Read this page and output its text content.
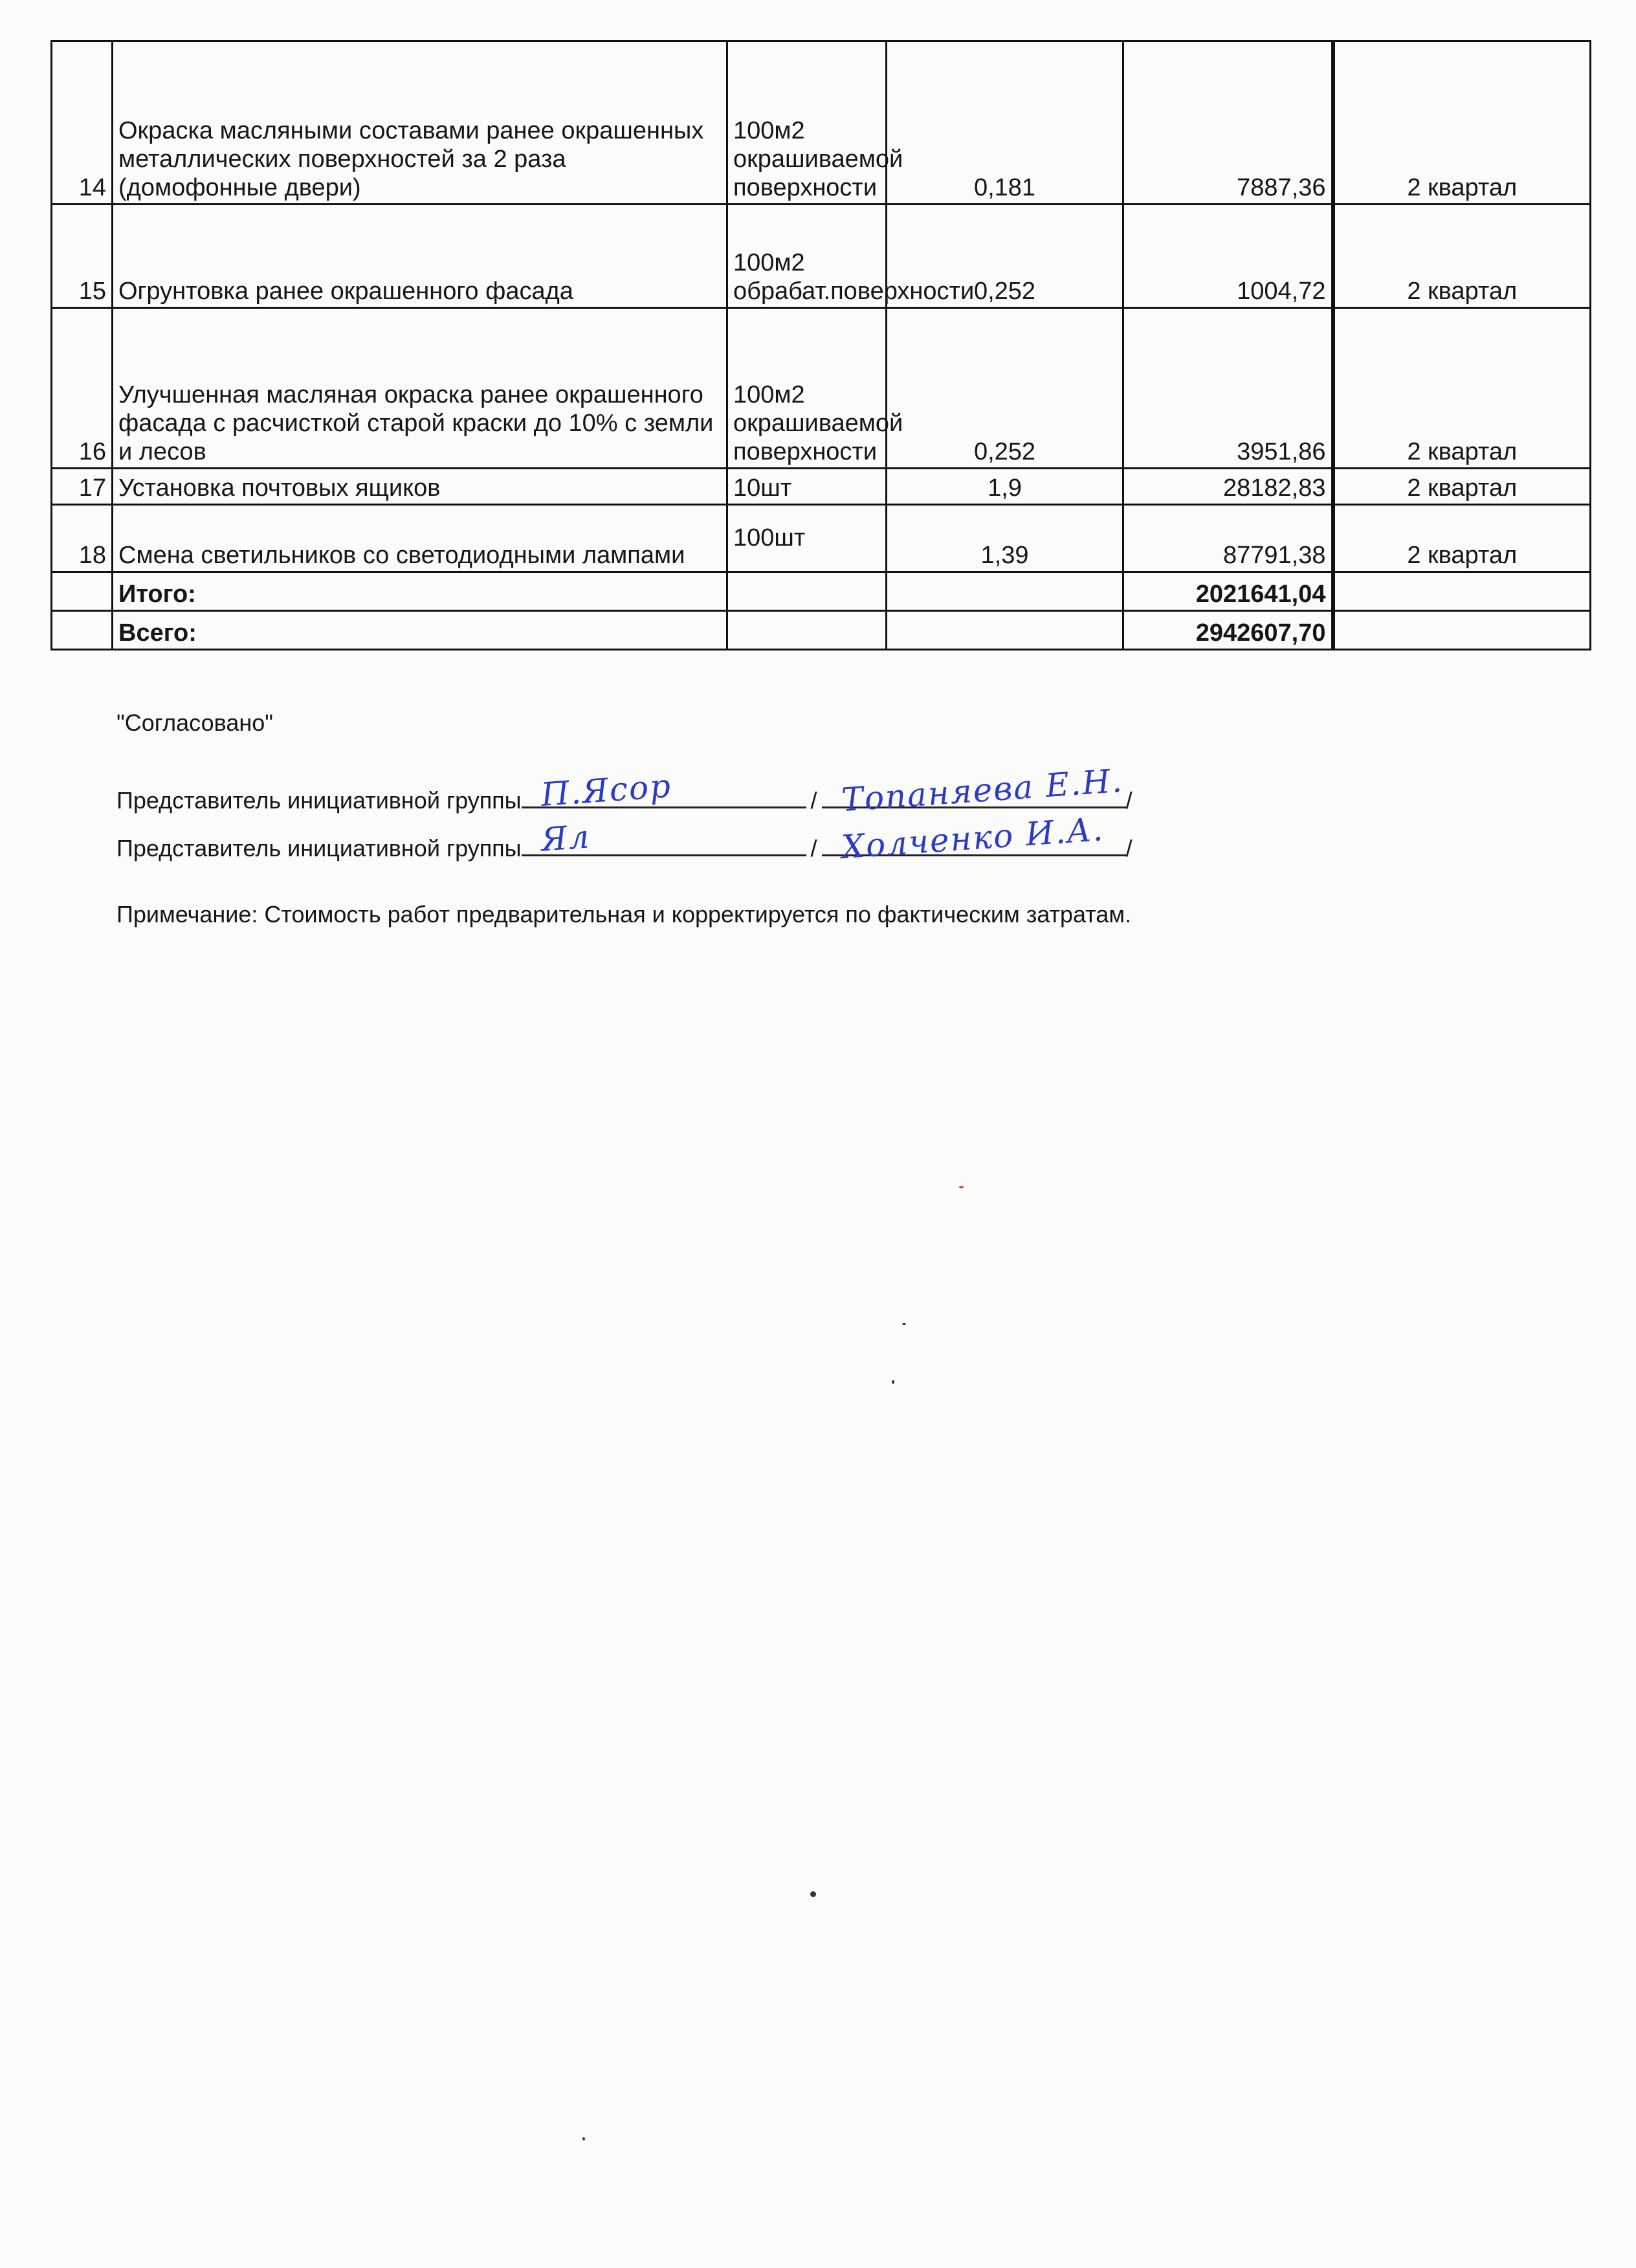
14	Окраска масляными составами ранее окрашенных металлических поверхностей за 2 раза (домофонные двери)	100м2 окрашиваемой поверхности	0,181	7887,36	2 квартал
15	Огрунтовка ранее окрашенного фасада	100м2 обрабат.поверхности	0,252	1004,72	2 квартал
16	Улучшенная масляная окраска ранее окрашенного фасада с расчисткой старой краски до 10% с земли и лесов	100м2 окрашиваемой поверхности	0,252	3951,86	2 квартал
17	Установка почтовых ящиков	10шт	1,9	28182,83	2 квартал
18	Смена светильников со светодиодными лампами	100шт	1,39	87791,38	2 квартал
	Итого:			2021641,04	
	Всего:			2942607,70	
"Согласовано"
Представитель инициативной группы П.Ясор	/ Топаняева Е.Н. /
Представитель инициативной группы Ял	/ Холченко И.А. /
Примечание: Стоимость работ предварительная и корректируется по фактическим затратам.
